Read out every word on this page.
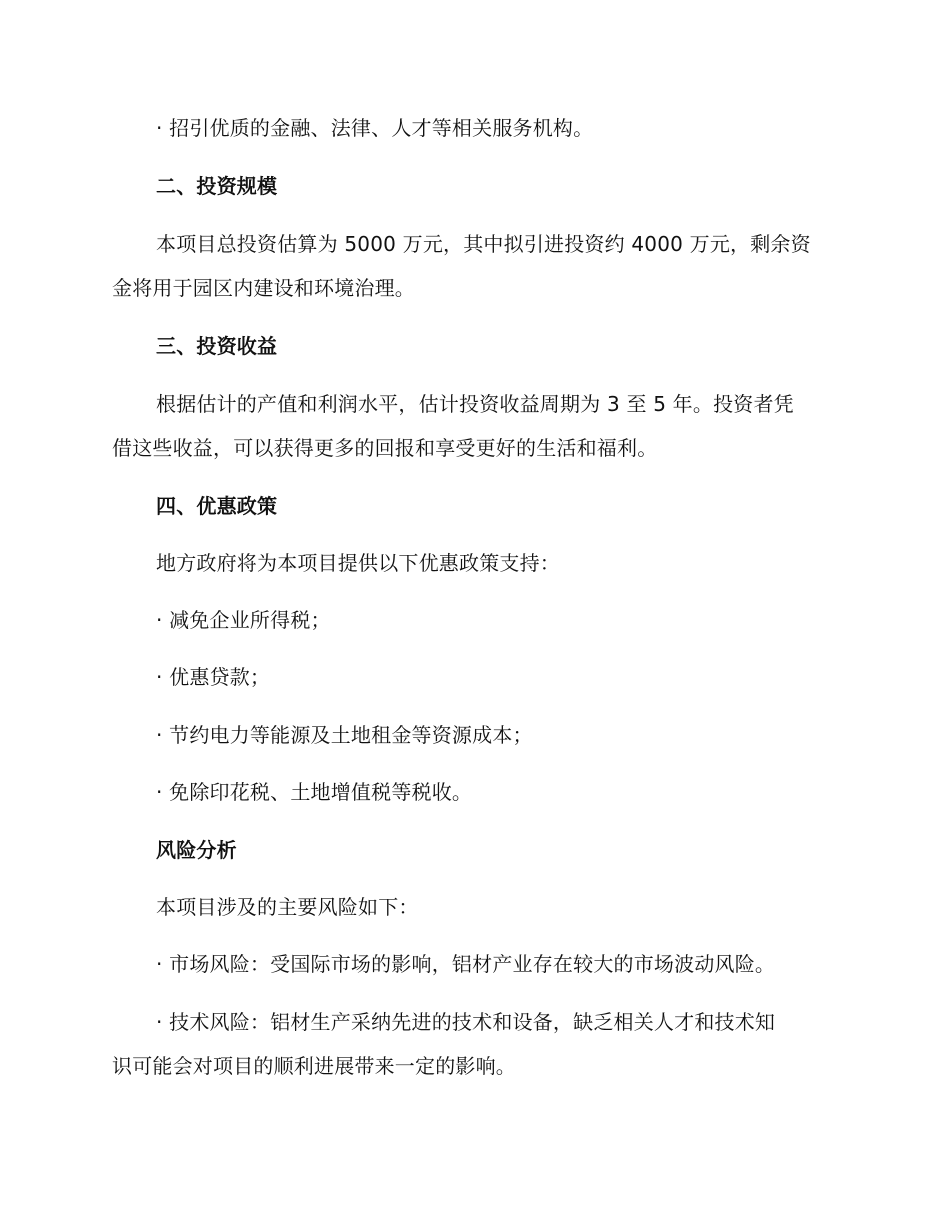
· 招引优质的金融、法律、人才等相关服务机构。
二、投资规模
本项目总投资估算为 5000 万元，其中拟引进投资约 4000 万元，剩余资
金将用于园区内建设和环境治理。
三、投资收益
根据估计的产值和利润水平，估计投资收益周期为 3 至 5 年。投资者凭
借这些收益，可以获得更多的回报和享受更好的生活和福利。
四、优惠政策
地方政府将为本项目提供以下优惠政策支持：
· 减免企业所得税；
· 优惠贷款；
· 节约电力等能源及土地租金等资源成本；
· 免除印花税、土地增值税等税收。
风险分析
本项目涉及的主要风险如下：
· 市场风险：受国际市场的影响，铝材产业存在较大的市场波动风险。
· 技术风险：铝材生产采纳先进的技术和设备，缺乏相关人才和技术知
识可能会对项目的顺利进展带来一定的影响。
